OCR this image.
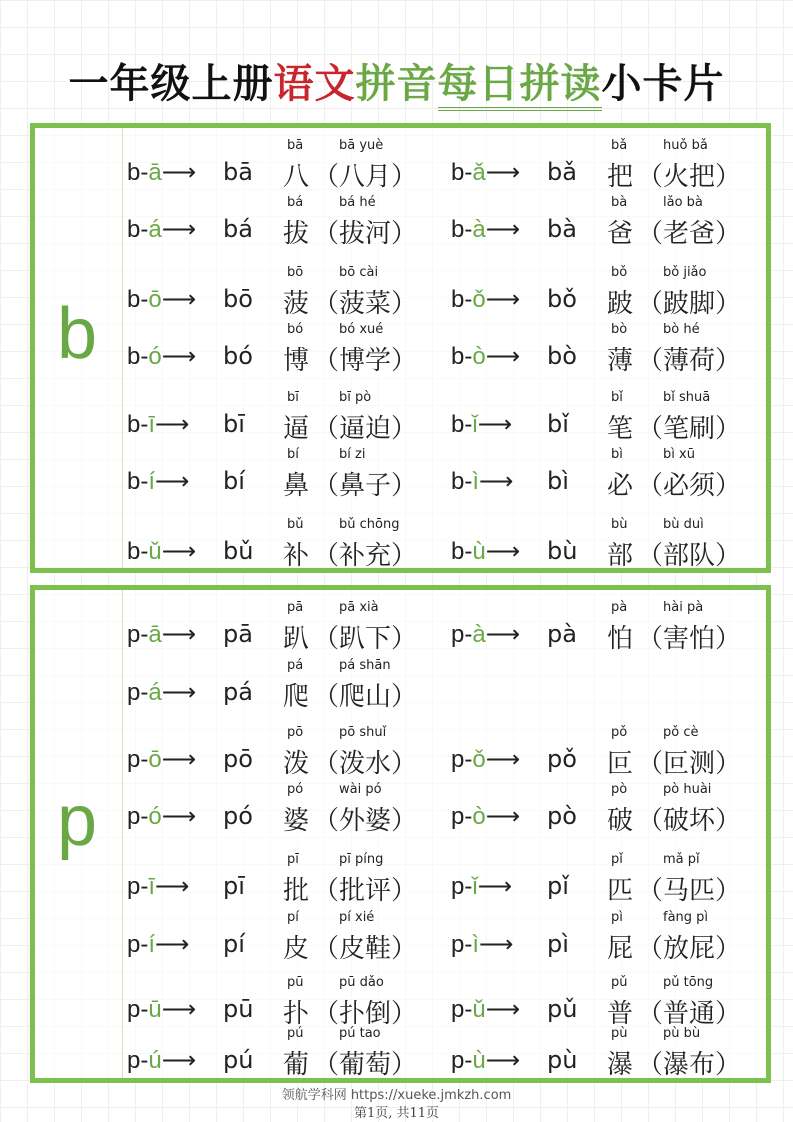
一年级上册语文拼音每日拼读小卡片
b
b-ā⟶ bā
bā
八
bā yuè
（八月） b-ǎ⟶ bǎ
bǎ
把
huǒ bǎ
（火把）
b-á⟶ bá
bá
拔
bá hé
（拔河） b-à⟶ bà
bà
爸
lǎo bà
（老爸）
b-ō⟶ bō
bō
菠
bō cài
（菠菜） b-ǒ⟶ bǒ
bǒ
跛
bǒ jiǎo
（跛脚）
b-ó⟶ bó
bó
博
bó xué
（博学） b-ò⟶ bò
bò
薄
bò hé
（薄荷）
b-ī⟶ bī
bī
逼
bī pò
（逼迫） b-ǐ⟶ bǐ
bǐ
笔
bǐ shuā
（笔刷）
b-í⟶ bí
bí
鼻
bí zi
（鼻子） b-ì⟶ bì
bì
必
bì xū
（必须）
b-ǔ⟶ bǔ
bǔ
补
bǔ chōng
（补充） b-ù⟶ bù
bù
部
bù duì
（部队）
p
p-ā⟶ pā
pā
趴
pā xià
（趴下） p-à⟶ pà
pà
怕
hài pà
（害怕）
p-á⟶ pá
pá
爬
pá shān
（爬山）
p-ō⟶ pō
pō
泼
pō shuǐ
（泼水） p-ǒ⟶ pǒ
pǒ
叵
pǒ cè
（叵测）
p-ó⟶ pó
pó
婆
wài pó
（外婆） p-ò⟶ pò
pò
破
pò huài
（破坏）
p-ī⟶ pī
pī
批
pī píng
（批评） p-ǐ⟶ pǐ
pǐ
匹
mǎ pǐ
（马匹）
p-í⟶ pí
pí
皮
pí xié
（皮鞋） p-ì⟶ pì
pì
屁
fàng pì
（放屁）
p-ū⟶ pū
pū
扑
pū dǎo
（扑倒） p-ǔ⟶ pǔ
pǔ
普
pǔ tōng
（普通）
p-ú⟶ pú
pú
葡
pú tao
（葡萄） p-ù⟶ pù
pù
瀑
pù bù
（瀑布）
领航学科网 https://xueke.jmkzh.com
第1页, 共11页
